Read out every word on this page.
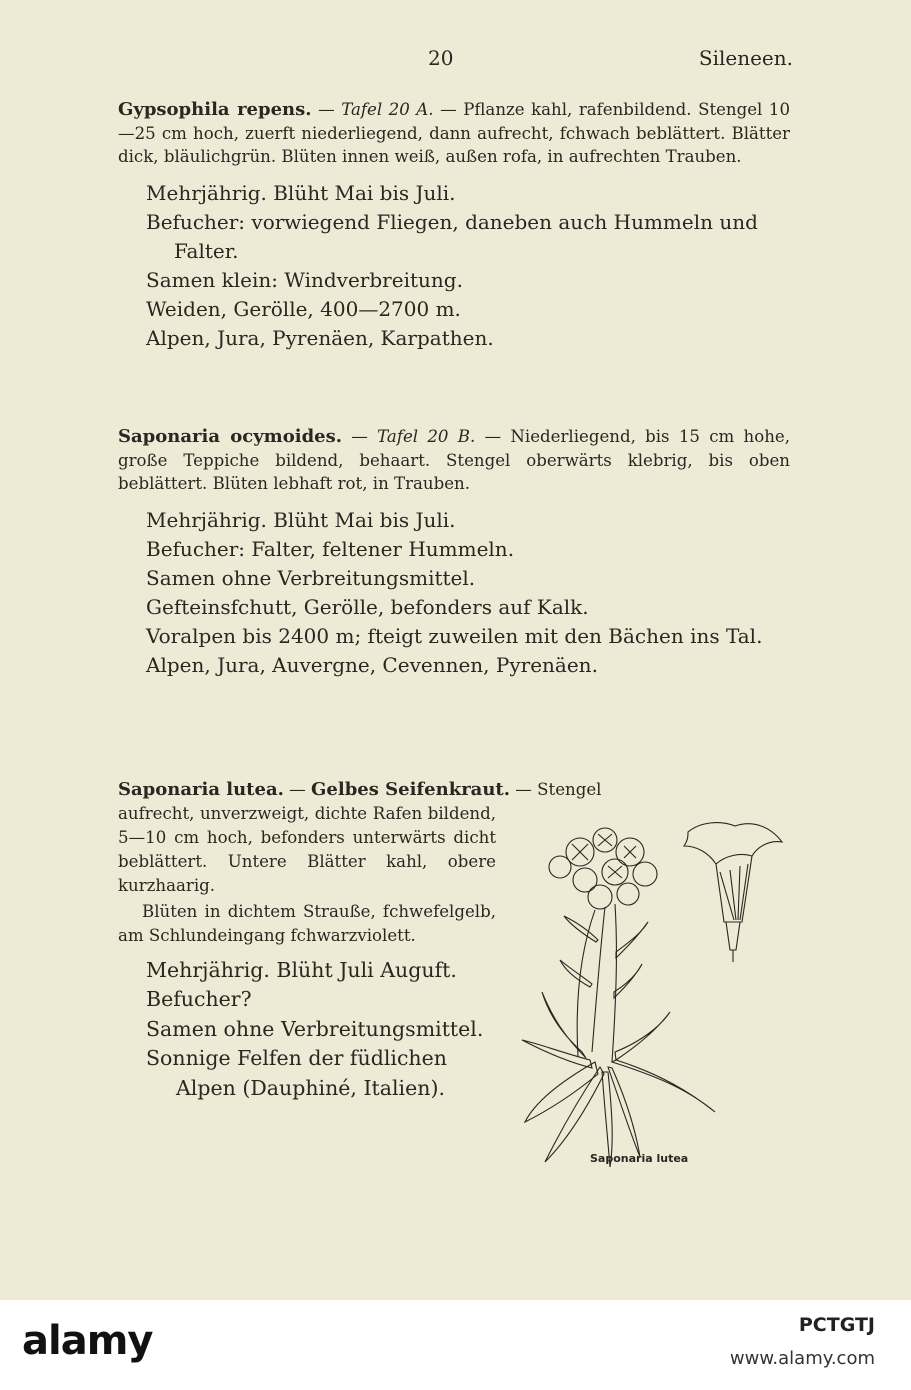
20	Sileneen.

Gypsophila repens. — Tafel 20 A. — Pflanze kahl, rafenbildend. Stengel 10—25 cm hoch, zuerft niederliegend, dann aufrecht, fchwach beblättert. Blätter dick, bläulichgrün. Blüten innen weiß, außen rofa, in aufrechten Trauben.

Mehrjährig. Blüht Mai bis Juli.
Befucher: vorwiegend Fliegen, daneben auch Hummeln und Falter.
Samen klein: Windverbreitung.
Weiden, Gerölle, 400—2700 m.
Alpen, Jura, Pyrenäen, Karpathen.

Saponaria ocymoides. — Tafel 20 B. — Niederliegend, bis 15 cm hohe, große Teppiche bildend, behaart. Stengel oberwärts klebrig, bis oben beblättert. Blüten lebhaft rot, in Trauben.

Mehrjährig. Blüht Mai bis Juli.
Befucher: Falter, feltener Hummeln.
Samen ohne Verbreitungsmittel.
Gefteinsfchutt, Gerölle, befonders auf Kalk.
Voralpen bis 2400 m; fteigt zuweilen mit den Bächen ins Tal.
Alpen, Jura, Auvergne, Cevennen, Pyrenäen.

Saponaria lutea. — Gelbes Seifenkraut. — Stengel

aufrecht, unverzweigt, dichte Rafen bildend, 5—10 cm hoch, befonders unterwärts dicht beblättert. Untere Blätter kahl, obere kurzhaarig.

Blüten in dichtem Strauße, fchwefelgelb, am Schlundeingang fchwarzviolett.

Mehrjährig. Blüht Juli Auguft.
Befucher?
Samen ohne Verbreitungsmittel.
Sonnige Felfen der füdlichen Alpen (Dauphiné, Italien).
Saponaria lutea
alamy	PCTGTJ
www.alamy.com
